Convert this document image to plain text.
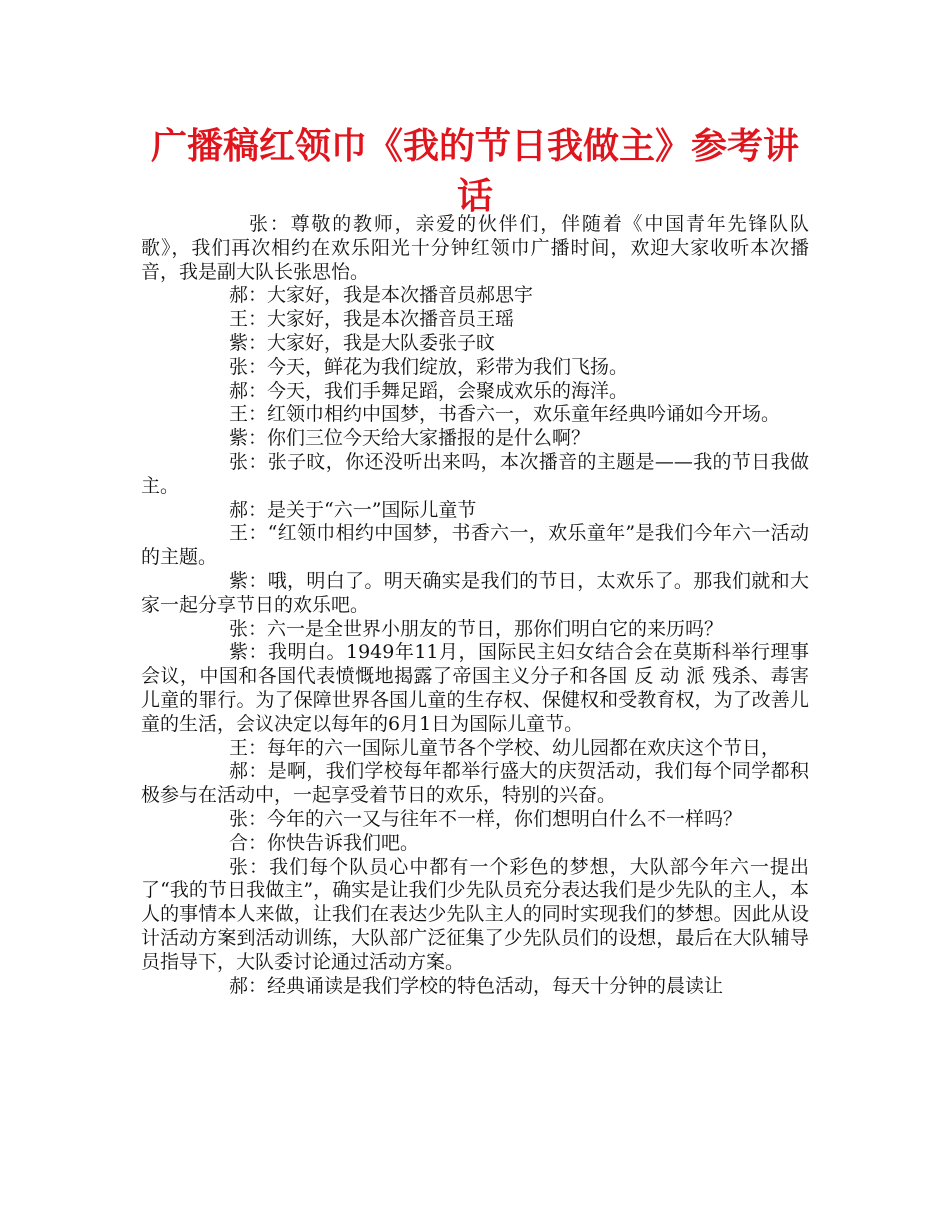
广播稿红领巾《我的节日我做主》参考讲话

张：尊敬的教师，亲爱的伙伴们，伴随着《中国青年先锋队队歌》，我们再次相约在欢乐阳光十分钟红领巾广播时间，欢迎大家收听本次播音，我是副大队长张思怡。

郝：大家好，我是本次播音员郝思宇

王：大家好，我是本次播音员王瑶

紫：大家好，我是大队委张子旼

张：今天，鲜花为我们绽放，彩带为我们飞扬。

郝：今天，我们手舞足蹈，会聚成欢乐的海洋。

王：红领巾相约中国梦，书香六一，欢乐童年经典吟诵如今开场。

紫：你们三位今天给大家播报的是什么啊？

张：张子旼，你还没听出来吗，本次播音的主题是——我的节日我做主。

郝：是关于“六一”国际儿童节

王：“红领巾相约中国梦，书香六一，欢乐童年”是我们今年六一活动的主题。

紫：哦，明白了。明天确实是我们的节日，太欢乐了。那我们就和大家一起分享节日的欢乐吧。

张：六一是全世界小朋友的节日，那你们明白它的来历吗？

紫：我明白。1949年11月，国际民主妇女结合会在莫斯科举行理事会议，中国和各国代表愤慨地揭露了帝国主义分子和各国 反 动 派 残杀、毒害儿童的罪行。为了保障世界各国儿童的生存权、保健权和受教育权，为了改善儿童的生活，会议决定以每年的6月1日为国际儿童节。

王：每年的六一国际儿童节各个学校、幼儿园都在欢庆这个节日，

郝：是啊，我们学校每年都举行盛大的庆贺活动，我们每个同学都积极参与在活动中，一起享受着节日的欢乐，特别的兴奋。

张：今年的六一又与往年不一样，你们想明白什么不一样吗？

合：你快告诉我们吧。

张：我们每个队员心中都有一个彩色的梦想，大队部今年六一提出了“我的节日我做主”，确实是让我们少先队员充分表达我们是少先队的主人，本人的事情本人来做，让我们在表达少先队主人的同时实现我们的梦想。因此从设计活动方案到活动训练，大队部广泛征集了少先队员们的设想，最后在大队辅导员指导下，大队委讨论通过活动方案。

郝：经典诵读是我们学校的特色活动，每天十分钟的晨读让
